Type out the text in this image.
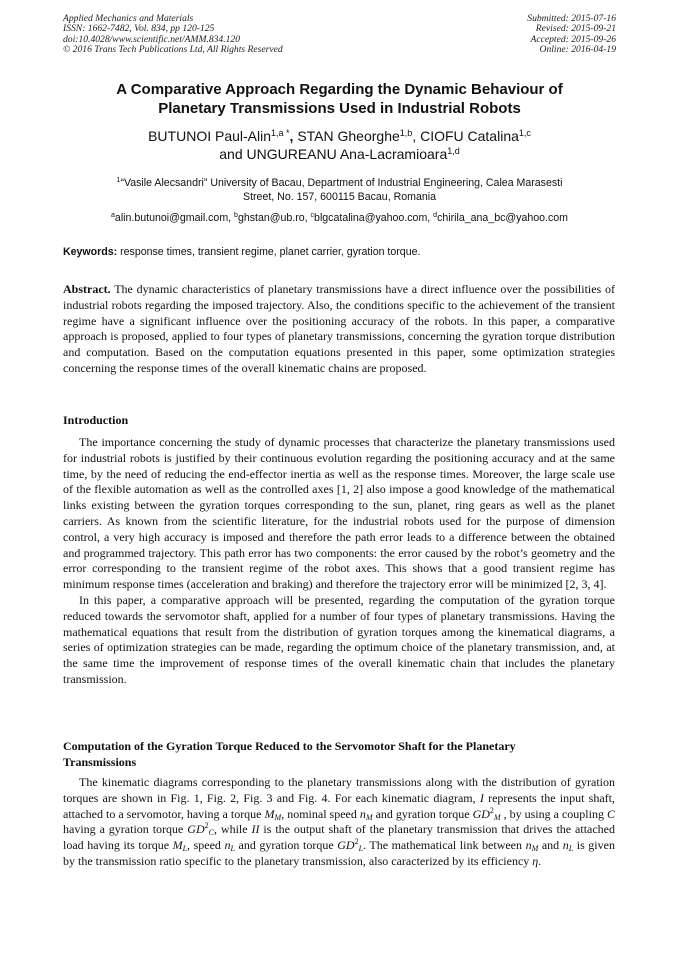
Applied Mechanics and Materials
ISSN: 1662-7482, Vol. 834, pp 120-125
doi:10.4028/www.scientific.net/AMM.834.120
© 2016 Trans Tech Publications Ltd, All Rights Reserved
Submitted: 2015-07-16
Revised: 2015-09-21
Accepted: 2015-09-26
Online: 2016-04-19
A Comparative Approach Regarding the Dynamic Behaviour of
Planetary Transmissions Used in Industrial Robots
BUTUNOI Paul-Alin$^{1,a *}$, STAN Gheorghe$^{1,b}$, CIOFU Catalina$^{1,c}$
and UNGUREANU Ana-Lacramioara$^{1,d}$
$^1$“Vasile Alecsandri” University of Bacau, Department of Industrial Engineering, Calea Marasesti
Street, No. 157, 600115 Bacau, Romania
$^a$alin.butunoi@gmail.com, $^b$ghstan@ub.ro, $^c$blgcatalina@yahoo.com, $^d$chirila_ana_bc@yahoo.com
Keywords: response times, transient regime, planet carrier, gyration torque.

Abstract. The dynamic characteristics of planetary transmissions have a direct influence over the possibilities of industrial robots regarding the imposed trajectory. Also, the conditions specific to the achievement of the transient regime have a significant influence over the positioning accuracy of the robots. In this paper, a comparative approach is proposed, applied to four types of planetary transmissions, concerning the gyration torque distribution and computation. Based on the computation equations presented in this paper, some optimization strategies concerning the response times of the overall kinematic chains are proposed.

Introduction

The importance concerning the study of dynamic processes that characterize the planetary transmissions used for industrial robots is justified by their continuous evolution regarding the positioning accuracy and at the same time, by the need of reducing the end-effector inertia as well as the response times. Moreover, the large scale use of the flexible automation as well as the controlled axes [1, 2] also impose a good knowledge of the mathematical links existing between the gyration torques corresponding to the sun, planet, ring gears as well as the planet carriers. As known from the scientific literature, for the industrial robots used for the purpose of dimension control, a very high accuracy is imposed and therefore the path error leads to a difference between the obtained and programmed trajectory. This path error has two components: the error caused by the robot’s geometry and the error corresponding to the transient regime of the robot axes. This shows that a good transient regime has minimum response times (acceleration and braking) and therefore the trajectory error will be minimized [2, 3, 4].

In this paper, a comparative approach will be presented, regarding the computation of the gyration torque reduced towards the servomotor shaft, applied for a number of four types of planetary transmissions. Having the mathematical equations that result from the distribution of gyration torques among the kinematical diagrams, a series of optimization strategies can be made, regarding the optimum choice of the planetary transmission, and, at the same time the improvement of response times of the overall kinematic chain that includes the planetary transmission.

Computation of the Gyration Torque Reduced to the Servomotor Shaft for the Planetary
Transmissions

The kinematic diagrams corresponding to the planetary transmissions along with the distribution of gyration torques are shown in Fig. 1, Fig. 2, Fig. 3 and Fig. 4. For each kinematic diagram, I represents the input shaft, attached to a servomotor, having a torque $M_M$, nominal speed $n_M$ and gyration torque $GD^2_M$ , by using a coupling C having a gyration torque $GD^2_C$, while II is the output shaft of the planetary transmission that drives the attached load having its torque $M_L$, speed $n_L$ and gyration torque $GD^2_L$. The mathematical link between $n_M$ and $n_L$ is given by the transmission ratio specific to the planetary transmission, also caracterized by its efficiency η.
